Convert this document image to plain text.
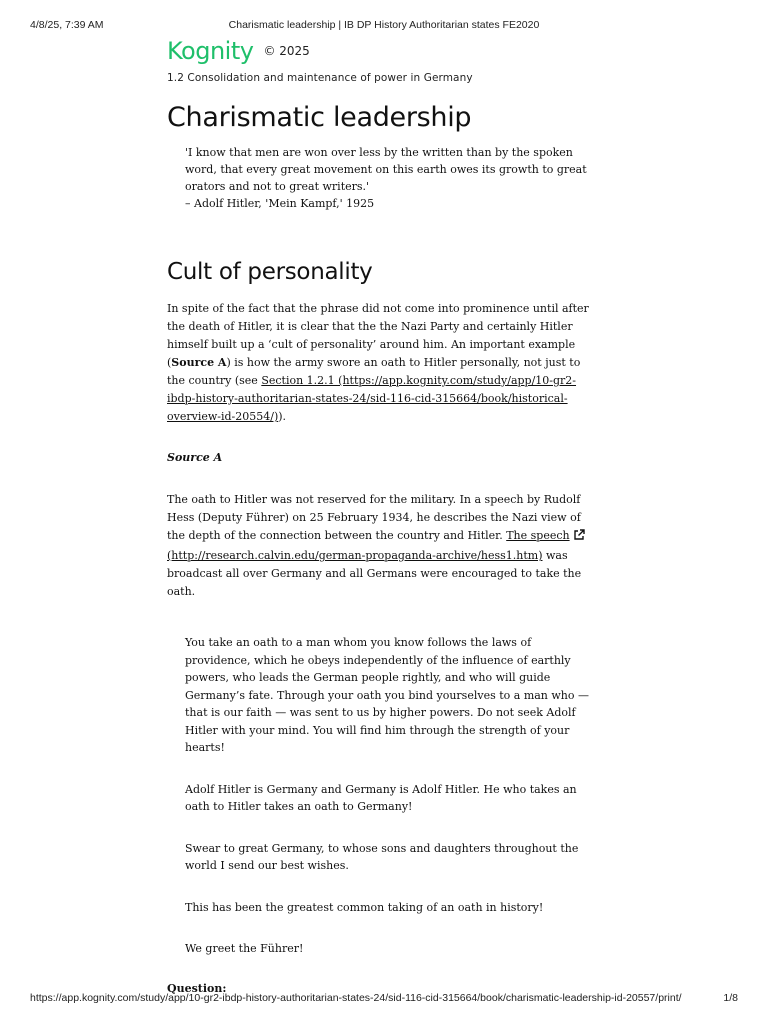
4/8/25, 7:39 AM	Charismatic leadership | IB DP History Authoritarian states FE2020
Kognity © 2025
1.2 Consolidation and maintenance of power in Germany
Charismatic leadership

'I know that men are won over less by the written than by the spoken word, that every great movement on this earth owes its growth to great orators and not to great writers.'

– Adolf Hitler, 'Mein Kampf,' 1925

Cult of personality

In spite of the fact that the phrase did not come into prominence until after the death of Hitler, it is clear that the the Nazi Party and certainly Hitler himself built up a ‘cult of personality’ around him. An important example (Source A) is how the army swore an oath to Hitler personally, not just to the country (see Section 1.2.1 (https://app.kognity.com/study/app/10-gr2-ibdp-history-authoritarian-states-24/sid-116-cid-315664/book/historical-overview-id-20554/)).

Source A

The oath to Hitler was not reserved for the military. In a speech by Rudolf Hess (Deputy Führer) on 25 February 1934, he describes the Nazi view of the depth of the connection between the country and Hitler. The speech (http://research.calvin.edu/german-propaganda-archive/hess1.htm) was broadcast all over Germany and all Germans were encouraged to take the oath.

You take an oath to a man whom you know follows the laws of providence, which he obeys independently of the influence of earthly powers, who leads the German people rightly, and who will guide Germany’s fate. Through your oath you bind yourselves to a man who — that is our faith — was sent to us by higher powers. Do not seek Adolf Hitler with your mind. You will find him through the strength of your hearts!

Adolf Hitler is Germany and Germany is Adolf Hitler. He who takes an oath to Hitler takes an oath to Germany!

Swear to great Germany, to whose sons and daughters throughout the world I send our best wishes.

This has been the greatest common taking of an oath in history!

We greet the Führer!

Question:

https://app.kognity.com/study/app/10-gr2-ibdp-history-authoritarian-states-24/sid-116-cid-315664/book/charismatic-leadership-id-20557/print/	1/8
